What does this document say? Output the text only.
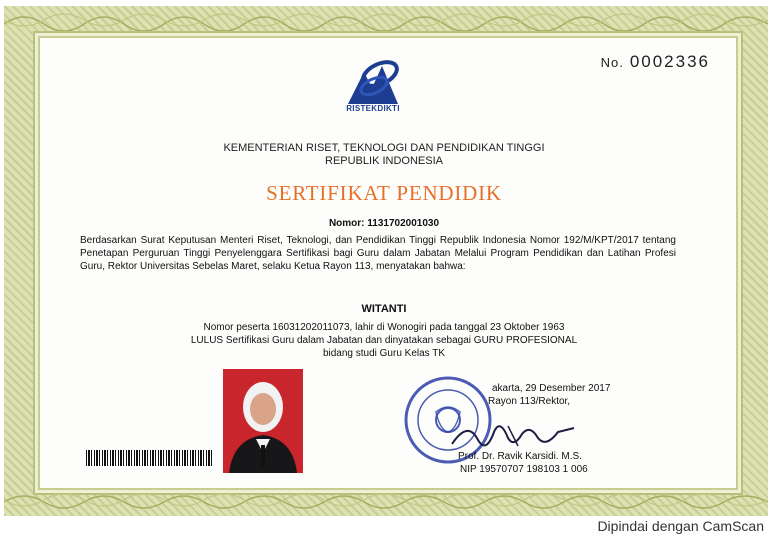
No. 0002336
RISTEKDIKTI
KEMENTERIAN RISET, TEKNOLOGI DAN PENDIDIKAN TINGGI
REPUBLIK INDONESIA
SERTIFIKAT PENDIDIK
Nomor: 1131702001030
Berdasarkan Surat Keputusan Menteri Riset, Teknologi, dan Pendidikan Tinggi Republik Indonesia Nomor 192/M/KPT/2017 tentang Penetapan Perguruan Tinggi Penyelenggara Sertifikasi bagi Guru dalam Jabatan Melalui Program Pendidikan dan Latihan Profesi Guru, Rektor Universitas Sebelas Maret, selaku Ketua Rayon 113, menyatakan bahwa:
WITANTI
Nomor peserta 16031202011073, lahir di Wonogiri pada tanggal 23 Oktober 1963
LULUS Sertifikasi Guru dalam Jabatan dan dinyatakan sebagai GURU PROFESIONAL
bidang studi Guru Kelas TK
akarta, 29 Desember 2017
Rayon 113/Rektor,
Prof. Dr. Ravik Karsidi. M.S.
NIP 19570707 198103 1 006
Dipindai dengan CamScan
